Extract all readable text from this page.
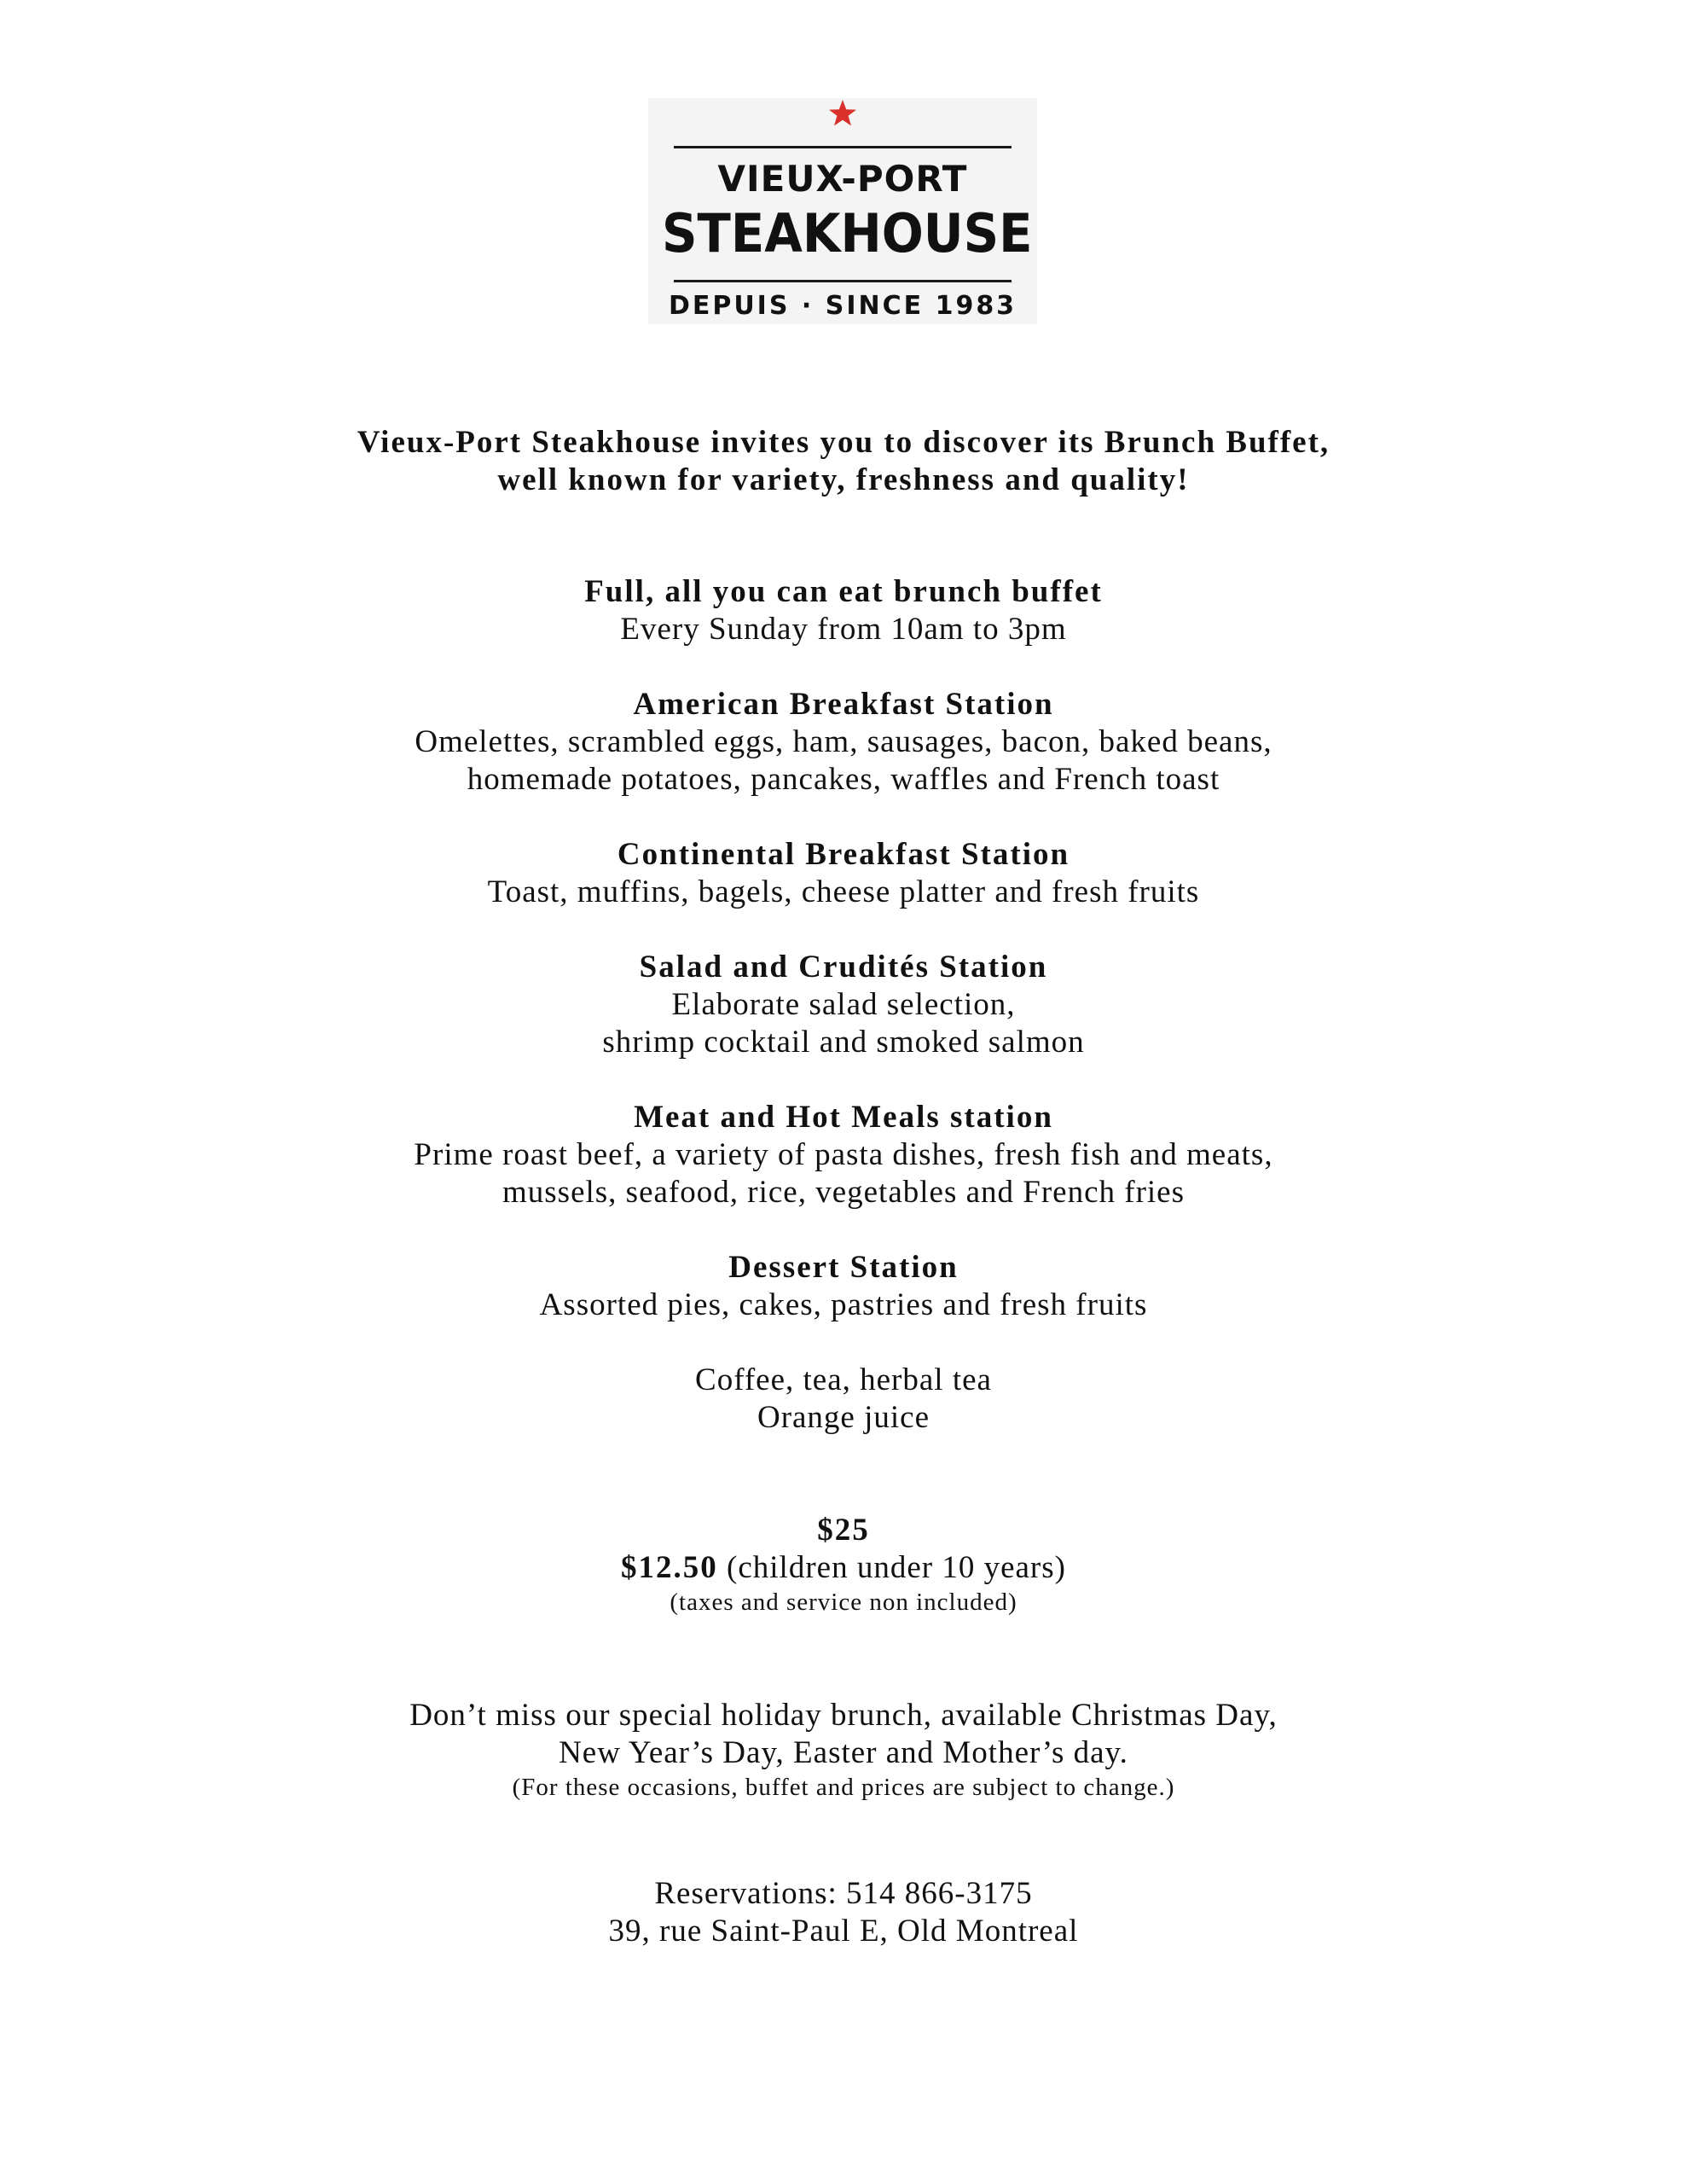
VIEUX-PORT
STEAKHOUSE
DEPUIS · SINCE 1983
Vieux-Port Steakhouse invites you to discover its Brunch Buffet,
well known for variety, freshness and quality!
Full, all you can eat brunch buffet
Every Sunday from 10am to 3pm
American Breakfast Station
Omelettes, scrambled eggs, ham, sausages, bacon, baked beans,
homemade potatoes, pancakes, waffles and French toast
Continental Breakfast Station
Toast, muffins, bagels, cheese platter and fresh fruits
Salad and Crudités Station
Elaborate salad selection,
shrimp cocktail and smoked salmon
Meat and Hot Meals station
Prime roast beef, a variety of pasta dishes, fresh fish and meats,
mussels, seafood, rice, vegetables and French fries
Dessert Station
Assorted pies, cakes, pastries and fresh fruits
Coffee, tea, herbal tea
Orange juice
$25
$12.50 (children under 10 years)
(taxes and service non included)
Don’t miss our special holiday brunch, available Christmas Day,
New Year’s Day, Easter and Mother’s day.
(For these occasions, buffet and prices are subject to change.)
Reservations: 514 866-3175
39, rue Saint-Paul E, Old Montreal
